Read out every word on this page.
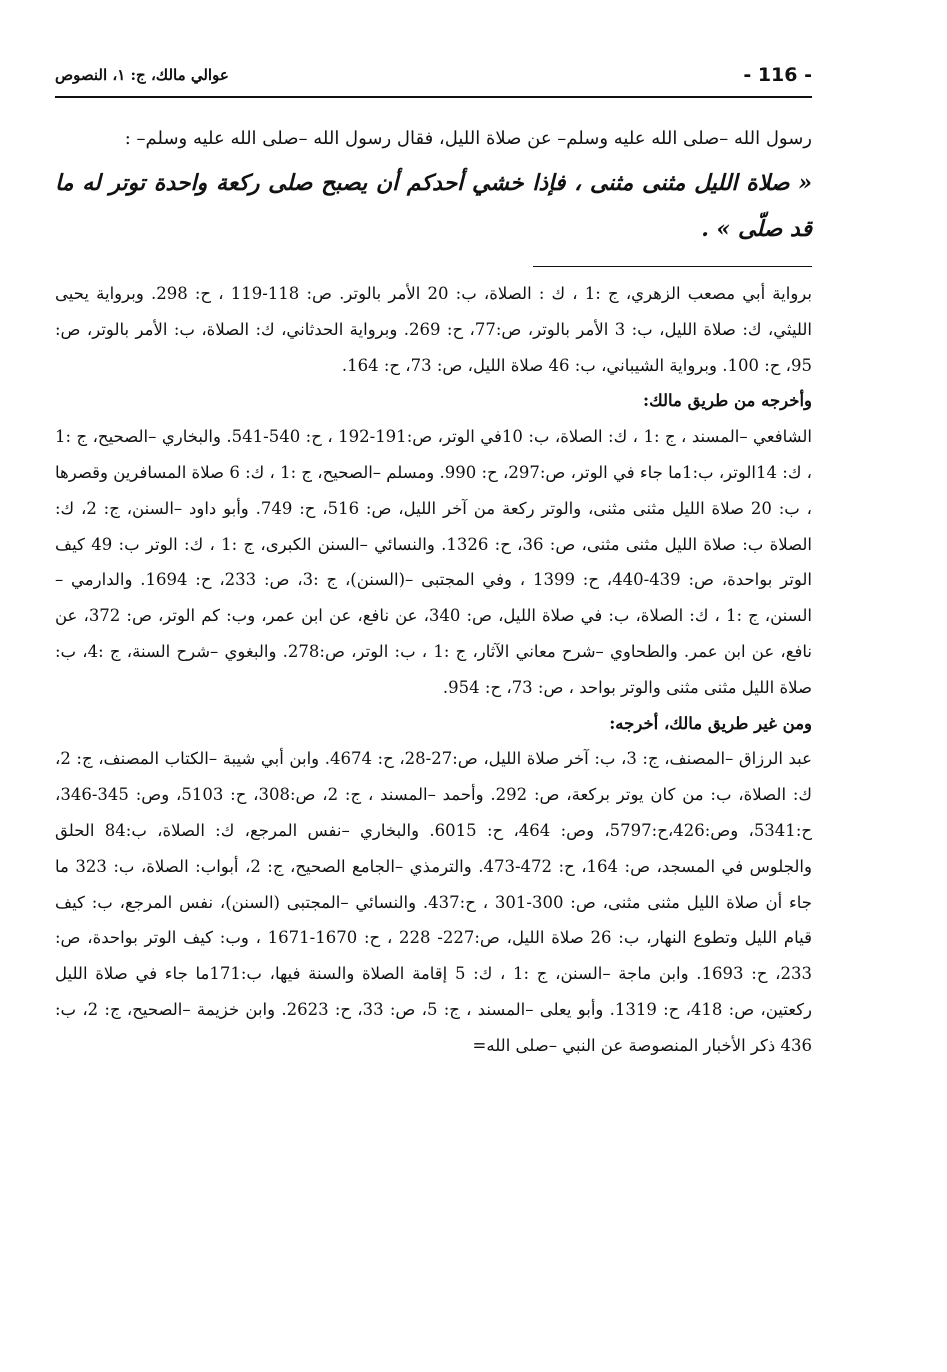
- 116 -
عوالي مالك، ج: ١، النصوص

رسول الله –صلى الله عليه وسلم– عن صلاة الليل، فقال رسول الله –صلى الله عليه وسلم– :

« صلاة الليل مثنى مثنى ، فإذا خشي أحدكم أن يصبح صلى ركعة واحدة توتر له ما قد صلّى » .

برواية أبي مصعب الزهري، ج :1 ، ك : الصلاة، ب: 20 الأمر بالوتر. ص: 118-119 ، ح: 298. وبرواية يحيى الليثي، ك: صلاة الليل، ب: 3 الأمر بالوتر، ص:77، ح: 269. وبرواية الحدثاني، ك: الصلاة، ب: الأمر بالوتر، ص: 95، ح: 100. وبرواية الشيباني، ب: 46 صلاة الليل، ص: 73، ح: 164.

وأخرجه من طريق مالك:

الشافعي –المسند ، ج :1 ، ك: الصلاة، ب: 10في الوتر، ص:191-192 ، ح: 540-541. والبخاري –الصحيح، ج :1 ، ك: 14الوتر، ب:1ما جاء في الوتر، ص:297، ح: 990. ومسلم –الصحيح، ج :1 ، ك: 6 صلاة المسافرين وقصرها ، ب: 20 صلاة الليل مثنى مثنى، والوتر ركعة من آخر الليل، ص: 516، ح: 749. وأبو داود –السنن، ج: 2، ك: الصلاة ب: صلاة الليل مثنى مثنى، ص: 36، ح: 1326. والنسائي –السنن الكبرى، ج :1 ، ك: الوتر ب: 49 كيف الوتر بواحدة، ص: 439-440، ح: 1399 ، وفي المجتبى –(السنن)، ج :3، ص: 233، ح: 1694. والدارمي –السنن، ج :1 ، ك: الصلاة، ب: في صلاة الليل، ص: 340، عن نافع، عن ابن عمر، وب: كم الوتر، ص: 372، عن نافع، عن ابن عمر. والطحاوي –شرح معاني الآثار، ج :1 ، ب: الوتر، ص:278. والبغوي –شرح السنة، ج :4، ب: صلاة الليل مثنى مثنى والوتر بواحد ، ص: 73، ح: 954.

ومن غير طريق مالك، أخرجه:

عبد الرزاق –المصنف، ج: 3، ب: آخر صلاة الليل، ص:27-28، ح: 4674. وابن أبي شيبة –الكتاب المصنف، ج: 2، ك: الصلاة، ب: من كان يوتر بركعة، ص: 292. وأحمد –المسند ، ج: 2، ص:308، ح: 5103، وص: 345-346، ح:5341، وص:426،ح:5797، وص: 464، ح: 6015. والبخاري –نفس المرجع، ك: الصلاة، ب:84 الحلق والجلوس في المسجد، ص: 164، ح: 472-473. والترمذي –الجامع الصحيح، ج: 2، أبواب: الصلاة، ب: 323 ما جاء أن صلاة الليل مثنى مثنى، ص: 300-301 ، ح:437. والنسائي –المجتبى (السنن)، نفس المرجع، ب: كيف قيام الليل وتطوع النهار، ب: 26 صلاة الليل، ص:227- 228 ، ح: 1670-1671 ، وب: كيف الوتر بواحدة، ص: 233، ح: 1693. وابن ماجة –السنن، ج :1 ، ك: 5 إقامة الصلاة والسنة فيها، ب:171ما جاء في صلاة الليل ركعتين، ص: 418، ح: 1319. وأبو يعلى –المسند ، ج: 5، ص: 33، ح: 2623. وابن خزيمة –الصحيح، ج: 2، ب: 436 ذكر الأخبار المنصوصة عن النبي –صلى الله=
